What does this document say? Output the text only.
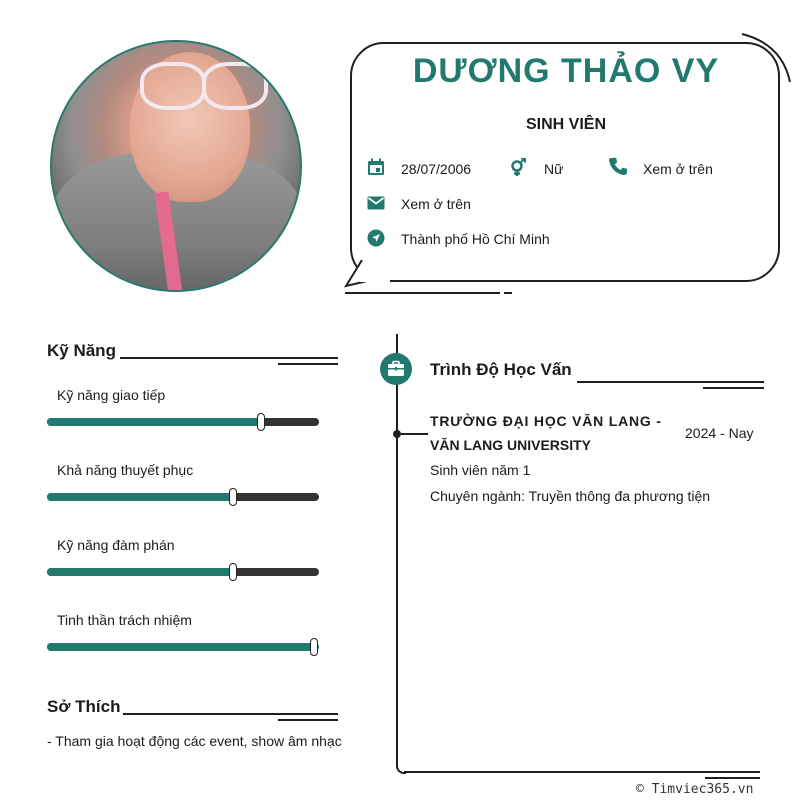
DƯƠNG THẢO VY
SINH VIÊN
28/07/2006	Nữ	Xem ở trên
Xem ở trên
Thành phố Hồ Chí Minh
Kỹ Năng
Kỹ năng giao tiếp
Khả năng thuyết phục
Kỹ năng đàm phán
Tinh thần trách nhiệm
Sở Thích
- Tham gia hoạt động các event, show âm nhạc
Trình Độ Học Vấn
TRƯỜNG ĐẠI HỌC VĂN LANG -
VĂN LANG UNIVERSITY
2024 - Nay
Sinh viên năm 1
Chuyên ngành: Truyền thông đa phương tiện
© Timviec365.vn
